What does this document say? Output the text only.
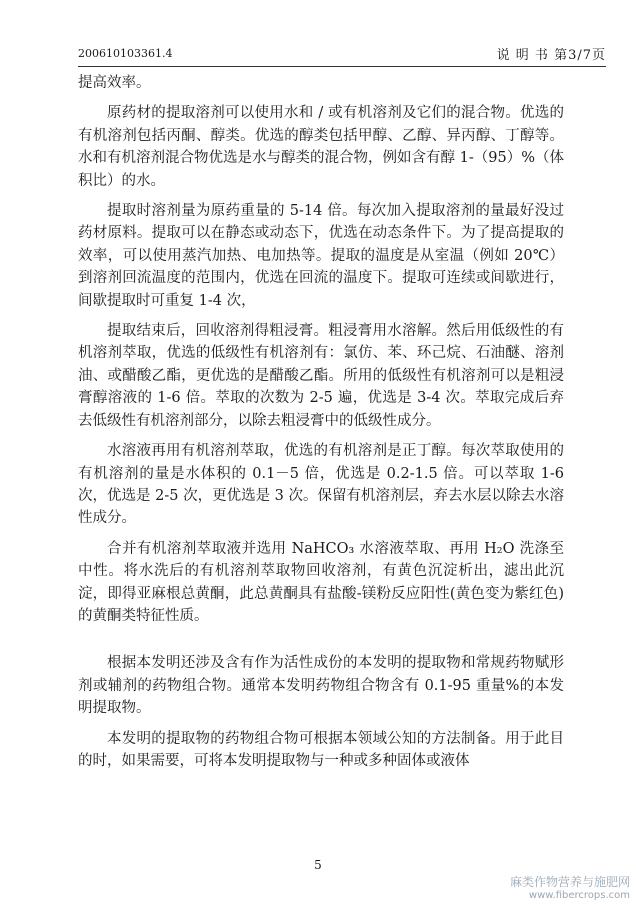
200610103361.4	说 明 书 第3/7页

提高效率。

原药材的提取溶剂可以使用水和 / 或有机溶剂及它们的混合物。优选的有机溶剂包括丙酮、醇类。优选的醇类包括甲醇、乙醇、异丙醇、丁醇等。水和有机溶剂混合物优选是水与醇类的混合物，例如含有醇 1-（95）%（体积比）的水。

提取时溶剂量为原药重量的 5-14 倍。每次加入提取溶剂的量最好没过药材原料。提取可以在静态或动态下，优选在动态条件下。为了提高提取的效率，可以使用蒸汽加热、电加热等。提取的温度是从室温（例如 20℃）到溶剂回流温度的范围内，优选在回流的温度下。提取可连续或间歇进行，间歇提取时可重复 1-4 次，

提取结束后，回收溶剂得粗浸膏。粗浸膏用水溶解。然后用低级性的有机溶剂萃取，优选的低级性有机溶剂有：氯仿、苯、环己烷、石油醚、溶剂油、或醋酸乙酯，更优选的是醋酸乙酯。所用的低级性有机溶剂可以是粗浸膏醇溶液的 1-6 倍。萃取的次数为 2-5 遍，优选是 3-4 次。萃取完成后弃去低级性有机溶剂部分，以除去粗浸膏中的低级性成分。

水溶液再用有机溶剂萃取，优选的有机溶剂是正丁醇。每次萃取使用的有机溶剂的量是水体积的 0.1－5 倍，优选是 0.2-1.5 倍。可以萃取 1-6 次，优选是 2-5 次，更优选是 3 次。保留有机溶剂层，弃去水层以除去水溶性成分。

合并有机溶剂萃取液并选用 NaHCO₃ 水溶液萃取、再用 H₂O 洗涤至中性。将水洗后的有机溶剂萃取物回收溶剂，有黄色沉淀析出，滤出此沉淀，即得亚麻根总黄酮，此总黄酮具有盐酸-镁粉反应阳性(黄色变为紫红色)的黄酮类特征性质。

根据本发明还涉及含有作为活性成份的本发明的提取物和常规药物赋形剂或辅剂的药物组合物。通常本发明药物组合物含有 0.1-95 重量%的本发明提取物。

本发明的提取物的药物组合物可根据本领域公知的方法制备。用于此目的时，如果需要，可将本发明提取物与一种或多种固体或液体

5
麻类作物营养与施肥网
www.fibercrops.com
